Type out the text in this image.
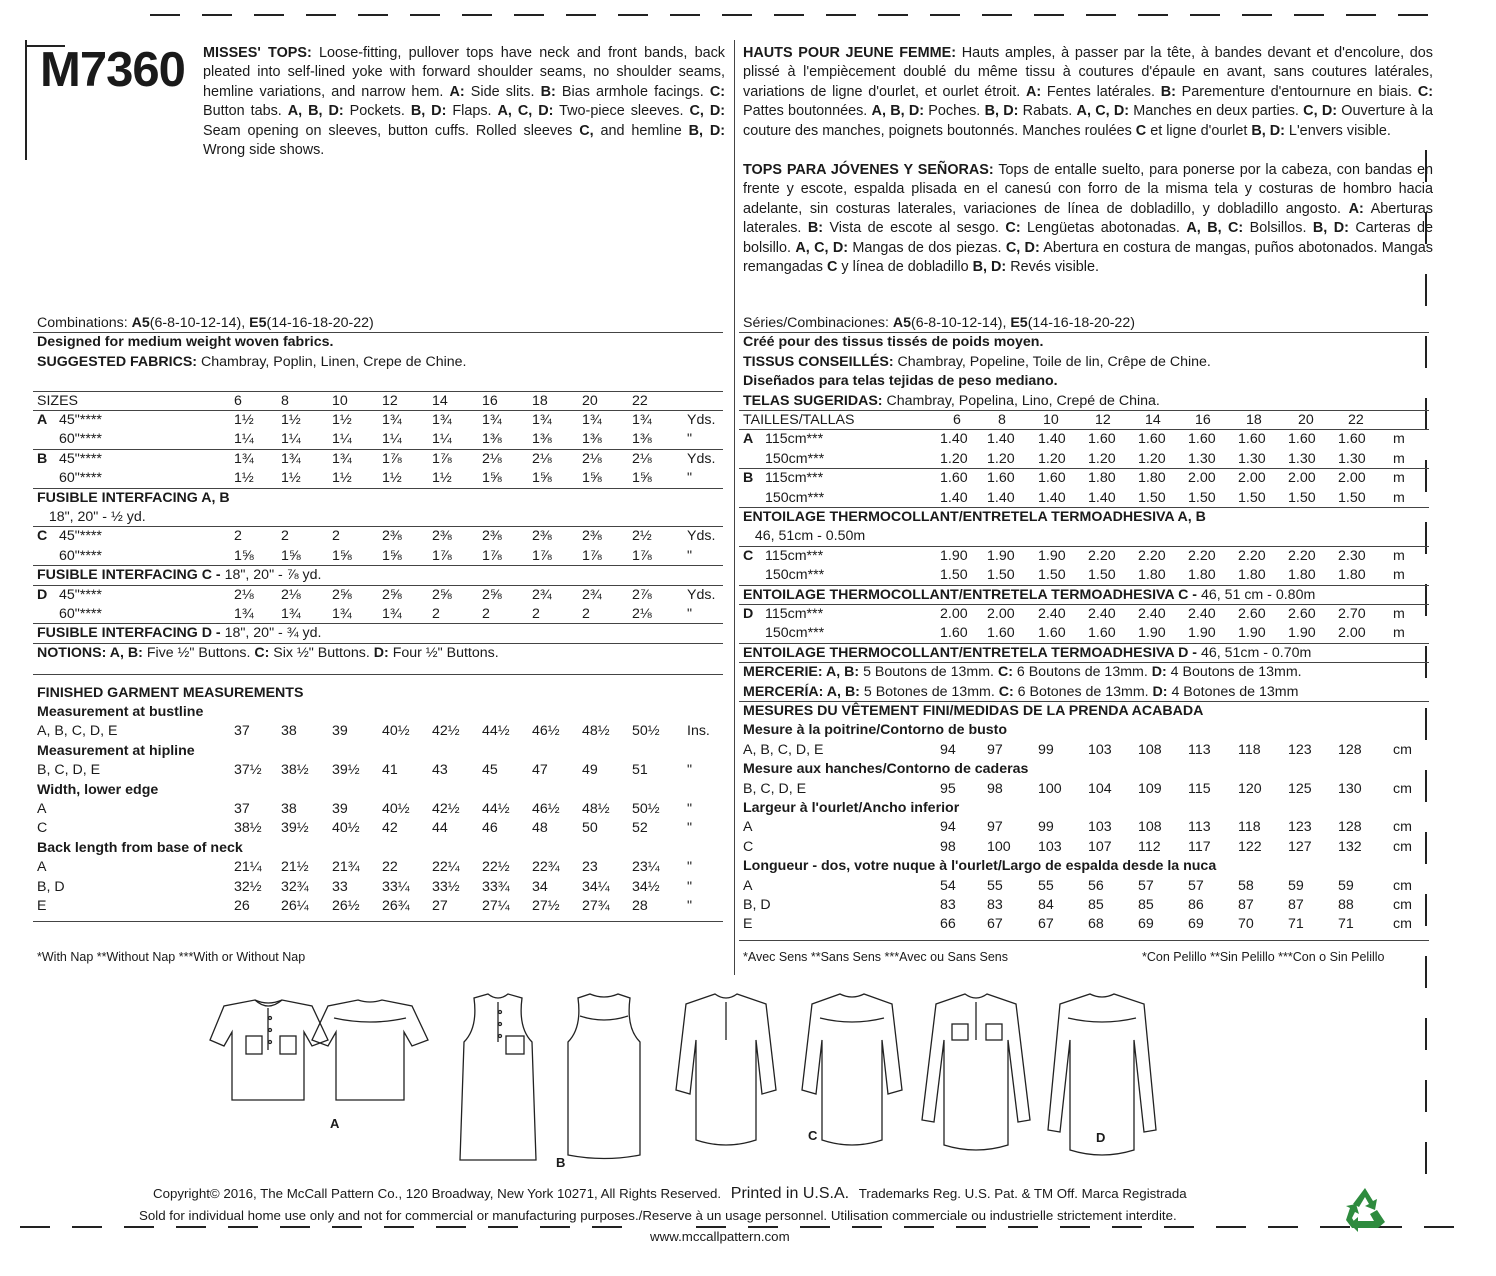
M7360 MISSES' TOPS: Loose-fitting, pullover tops have neck and front bands, back pleated into self-lined yoke with forward shoulder seams, no shoulder seams, hemline variations, and narrow hem. A: Side slits. B: Bias armhole facings. C: Button tabs. A, B, D: Pockets. B, D: Flaps. A, C, D: Two-piece sleeves. C, D: Seam opening on sleeves, button cuffs. Rolled sleeves C, and hemline B, D: Wrong side shows.
HAUTS POUR JEUNE FEMME: Hauts amples, à passer par la tête, à bandes devant et d'encolure, dos plissé à l'empiècement doublé du même tissu à coutures d'épaule en avant, sans coutures latérales, variations de ligne d'ourlet, et ourlet étroit. A: Fentes latérales. B: Parementure d'entournure en biais. C: Pattes boutonnées. A, B, D: Poches. B, D: Rabats. A, C, D: Manches en deux parties. C, D: Ouverture à la couture des manches, poignets boutonnés. Manches roulées C et ligne d'ourlet B, D: L'envers visible.
TOPS PARA JÓVENES Y SEÑORAS: Tops de entalle suelto, para ponerse por la cabeza, con bandas en frente y escote, espalda plisada en el canesú con forro de la misma tela y costuras de hombro hacia adelante, sin costuras laterales, variaciones de línea de dobladillo, y dobladillo angosto. A: Aberturas laterales. B: Vista de escote al sesgo. C: Lengüetas abotonadas. A, B, C: Bolsillos. B, D: Carteras de bolsillo. A, C, D: Mangas de dos piezas. C, D: Abertura en costura de mangas, puños abotonados. Mangas remangadas C y línea de dobladillo B, D: Revés visible.
Combinations: A5(6-8-10-12-14), E5(14-16-18-20-22)
Designed for medium weight woven fabrics.
SUGGESTED FABRICS: Chambray, Poplin, Linen, Crepe de Chine.
SIZES	6	8	10 12 14 16 18 20 22
A 45"****	1½ 1½ 1½ 1¾ 1¾ 1¾ 1¾ 1¾ 1¾ Yds.
60"****	1¼ 1¼ 1¼ 1¼ 1¼ 1⅜ 1⅜ 1⅜ 1⅜ "
B 45"****	1¾ 1¾ 1¾ 1⅞ 1⅞ 2⅛ 2⅛ 2⅛ 2⅛ Yds.
60"****	1½ 1½ 1½ 1½ 1½ 1⅝ 1⅝ 1⅝ 1⅝ "
FUSIBLE INTERFACING A, B
18", 20" - ½ yd.
C 45"****	2	2	2	2⅜ 2⅜ 2⅜ 2⅜ 2⅜ 2½ Yds.
60"****	1⅝ 1⅝ 1⅝ 1⅝ 1⅞ 1⅞ 1⅞ 1⅞ 1⅞ "
FUSIBLE INTERFACING C - 18", 20" - ⅞ yd.
D 45"****	2⅛ 2⅛ 2⅝ 2⅝ 2⅝ 2⅝ 2¾ 2¾ 2⅞ Yds.
60"****	1¾ 1¾ 1¾ 1¾ 2	2	2	2	2⅛ "
FUSIBLE INTERFACING D - 18", 20" - ¾ yd.
NOTIONS: A, B: Five ½" Buttons. C: Six ½" Buttons. D: Four ½" Buttons.
FINISHED GARMENT MEASUREMENTS
Measurement at bustline
A, B, C, D, E	37 38 39 40½ 42½ 44½ 46½ 48½ 50½ Ins.
Measurement at hipline
B, C, D, E	37½ 38½ 39½ 41 43 45 47 49 51	"
Width, lower edge
A	37 38 39 40½ 42½ 44½ 46½ 48½ 50½ "
C	38½ 39½ 40½ 42 44 46 48 50 52	"
Back length from base of neck
A	21¼ 21½ 21¾ 22 22¼ 22½ 22¾ 23 23¼ "
B, D	32½ 32¾ 33 33¼ 33½ 33¾ 34 34¼ 34½ "
E	26 26¼ 26½ 26¾ 27 27¼ 27½ 27¾ 28	"
*With Nap **Without Nap ***With or Without Nap
Séries/Combinaciones: A5(6-8-10-12-14), E5(14-16-18-20-22)
Créé pour des tissus tissés de poids moyen.
TISSUS CONSEILLÉS: Chambray, Popeline, Toile de lin, Crêpe de Chine.
Diseñados para telas tejidas de peso mediano.
TELAS SUGERIDAS: Chambray, Popelina, Lino, Crepé de China.
TAILLES/TALLAS	6	8	10	12 14 16 18	20 22
A 115cm***	1.40 1.40 1.40 1.60 1.60 1.60 1.60 1.60 1.60 m
150cm***	1.20 1.20 1.20 1.20 1.20 1.30 1.30 1.30 1.30 m
B 115cm***	1.60 1.60 1.60 1.80 1.80 2.00 2.00 2.00 2.00 m
150cm***	1.40 1.40 1.40 1.40 1.50 1.50 1.50 1.50 1.50 m
ENTOILAGE THERMOCOLLANT/ENTRETELA TERMOADHESIVA A, B
46, 51cm - 0.50m
C 115cm***	1.90 1.90 1.90 2.20 2.20 2.20 2.20 2.20 2.30 m
150cm***	1.50 1.50 1.50 1.50 1.80 1.80 1.80 1.80 1.80 m
ENTOILAGE THERMOCOLLANT/ENTRETELA TERMOADHESIVA C - 46, 51 cm - 0.80m
D 115cm***	2.00 2.00 2.40 2.40 2.40 2.40 2.60 2.60 2.70 m
150cm***	1.60 1.60 1.60 1.60 1.90 1.90 1.90 1.90 2.00 m
ENTOILAGE THERMOCOLLANT/ENTRETELA TERMOADHESIVA D - 46, 51cm - 0.70m
MERCERIE: A, B: 5 Boutons de 13mm. C: 6 Boutons de 13mm. D: 4 Boutons de 13mm.
MERCERÍA: A, B: 5 Botones de 13mm. C: 6 Botones de 13mm. D: 4 Botones de 13mm
MESURES DU VÊTEMENT FINI/MEDIDAS DE LA PRENDA ACABADA
Mesure à la poitrine/Contorno de busto
A, B, C, D, E	94 97 99 103 108 113 118 123 128 cm
Mesure aux hanches/Contorno de caderas
B, C, D, E	95 98 100 104 109 115 120 125 130 cm
Largeur à l'ourlet/Ancho inferior
A	94 97 99 103 108 113 118 123 128 cm
C	98 100 103 107 112 117 122 127 132 cm
Longueur - dos, votre nuque à l'ourlet/Largo de espalda desde la nuca
A	54 55 55 56 57 57 58 59 59	cm
B, D	83 83 84 85 85 86 87 87 88	cm
E	66 67 67 68 69 69 70 71 71	cm
*Avec Sens **Sans Sens ***Avec ou Sans Sens	*Con Pelillo **Sin Pelillo ***Con o Sin Pelillo
A
B
C	D
Copyright© 2016, The McCall Pattern Co., 120 Broadway, New York 10271, All Rights Reserved. Printed in U.S.A. Trademarks Reg. U.S. Pat. & TM Off. Marca Registrada
Sold for individual home use only and not for commercial or manufacturing purposes./Reserve à un usage personnel. Utilisation commerciale ou industrielle strictement interdite.
www.mccallpattern.com
